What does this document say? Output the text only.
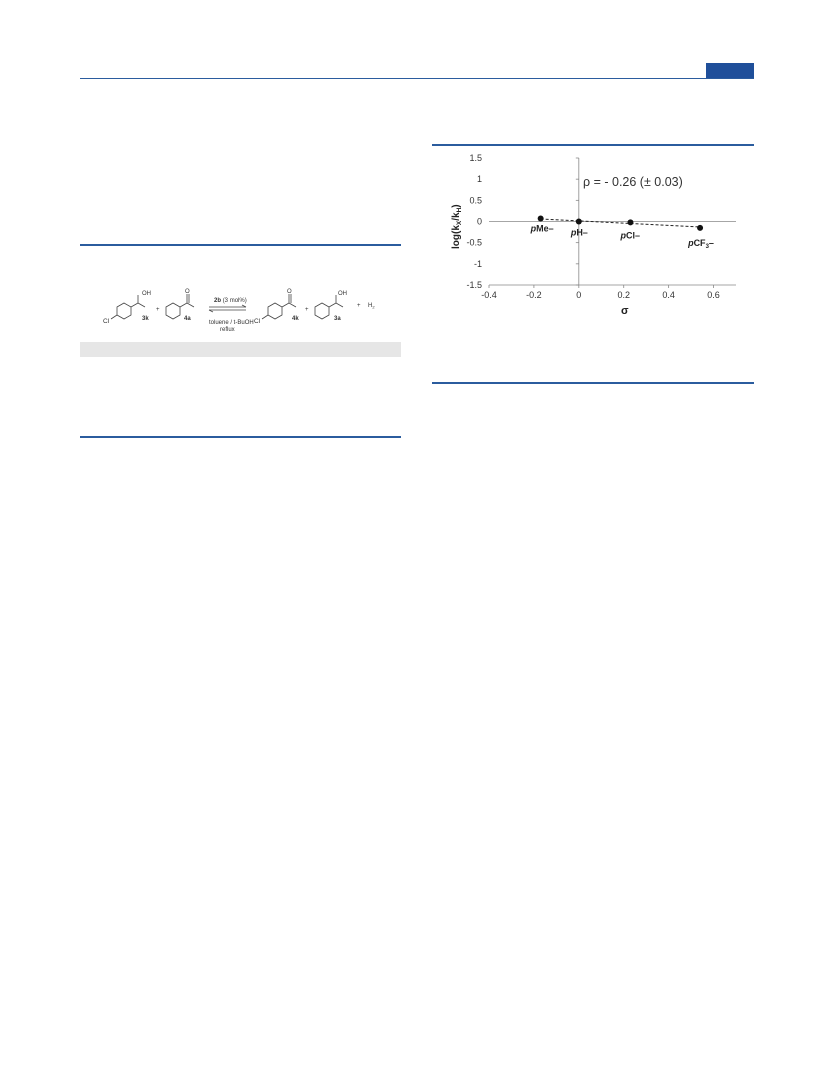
OH
Cl	3k
+
O
4a
2b (3 mol%)
toluene / t-BuOH
reflux
O
Cl	4k
+
OH
3a
+ $H_2$
1.5
1
0.5
0
-0.5
-1
-1.5
-0.4	-0.2	0	0.2	0.4	0.6
pMe– pH–	pCl–
pCF$_3$–
ρ = - 0.26 (± 0.03)
σ
$\log(k_X/k_H)$
